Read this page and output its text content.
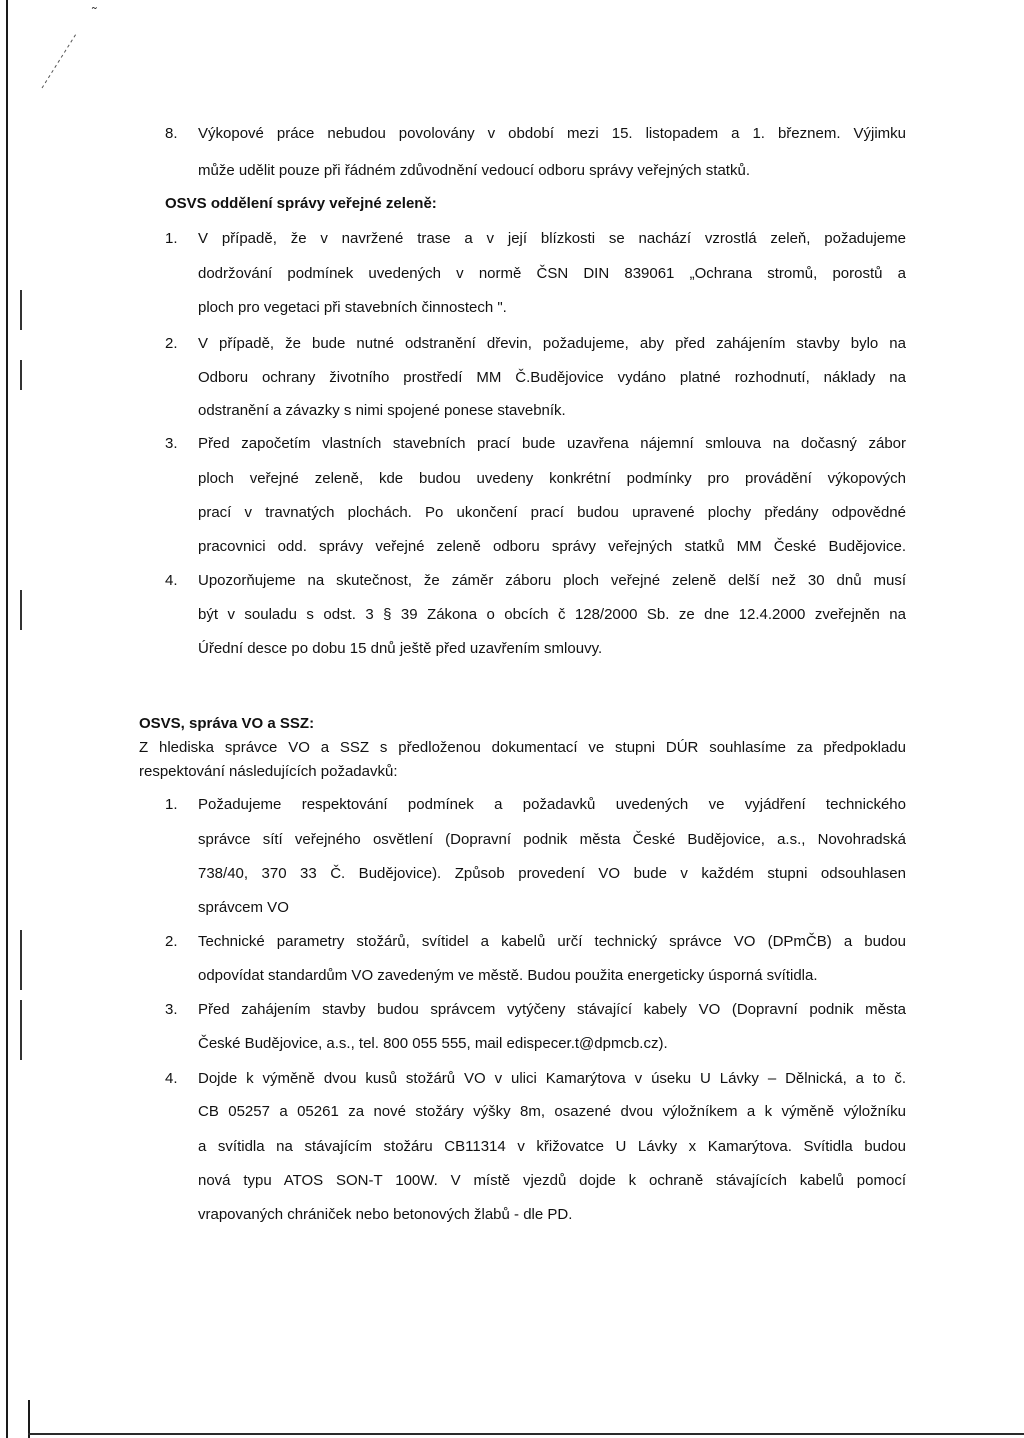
˜
8. Výkopové práce nebudou povolovány v období mezi 15. listopadem a 1. březnem. Výjimku
může udělit pouze při řádném zdůvodnění vedoucí odboru správy veřejných statků.
OSVS oddělení správy veřejné zeleně:
1. V případě, že v navržené trase a v její blízkosti se nachází vzrostlá zeleň, požadujeme
dodržování podmínek uvedených v normě ČSN DIN 839061 „Ochrana stromů, porostů a
ploch pro vegetaci při stavebních činnostech ".
2. V případě, že bude nutné odstranění dřevin, požadujeme, aby před zahájením stavby bylo na
Odboru ochrany životního prostředí MM Č.Budějovice vydáno platné rozhodnutí, náklady na
odstranění a závazky s nimi spojené ponese stavebník.
3. Před započetím vlastních stavebních prací bude uzavřena nájemní smlouva na dočasný zábor
ploch veřejné zeleně, kde budou uvedeny konkrétní podmínky pro provádění výkopových
prací v travnatých plochách. Po ukončení prací budou upravené plochy předány odpovědné
pracovnici odd. správy veřejné zeleně odboru správy veřejných statků MM České Budějovice.
4. Upozorňujeme na skutečnost, že záměr záboru ploch veřejné zeleně delší než 30 dnů musí
být v souladu s odst. 3 § 39 Zákona o obcích č 128/2000 Sb. ze dne 12.4.2000 zveřejněn na
Úřední desce po dobu 15 dnů ještě před uzavřením smlouvy.
OSVS, správa VO a SSZ:
Z hlediska správce VO a SSZ s předloženou dokumentací ve stupni DÚR souhlasíme za předpokladu
respektování následujících požadavků:
1. Požadujeme respektování podmínek a požadavků uvedených ve vyjádření technického
správce sítí veřejného osvětlení (Dopravní podnik města České Budějovice, a.s., Novohradská
738/40, 370 33 Č. Budějovice). Způsob provedení VO bude v každém stupni odsouhlasen
správcem VO
2. Technické parametry stožárů, svítidel a kabelů určí technický správce VO (DPmČB) a budou
odpovídat standardům VO zavedeným ve městě. Budou použita energeticky úsporná svítidla.
3. Před zahájením stavby budou správcem vytýčeny stávající kabely VO (Dopravní podnik města
České Budějovice, a.s., tel. 800 055 555, mail edispecer.t@dpmcb.cz).
4. Dojde k výměně dvou kusů stožárů VO v ulici Kamarýtova v úseku U Lávky – Dělnická, a to č.
CB 05257 a 05261 za nové stožáry výšky 8m, osazené dvou výložníkem a k výměně výložníku
a svítidla na stávajícím stožáru CB11314 v křižovatce U Lávky x Kamarýtova. Svítidla budou
nová typu ATOS SON-T 100W. V místě vjezdů dojde k ochraně stávajících kabelů pomocí
vrapovaných chrániček nebo betonových žlabů - dle PD.
